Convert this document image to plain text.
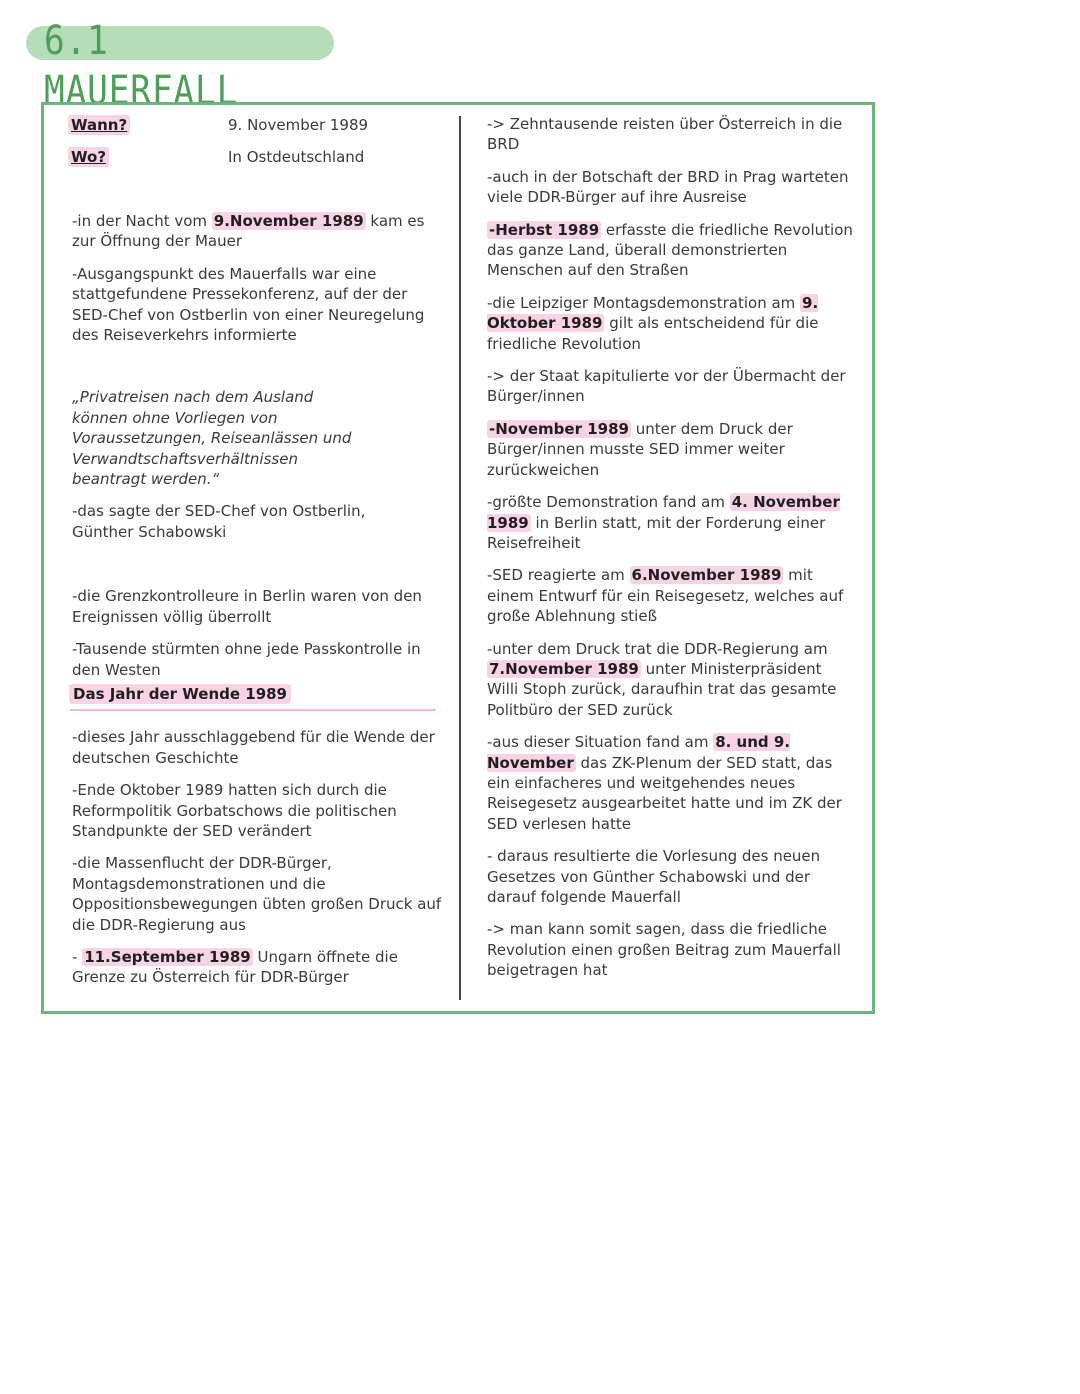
6.1 MAUERFALL
Wann?	9. November 1989
Wo?	In Ostdeutschland

-in der Nacht vom 9.November 1989 kam es zur Öffnung der Mauer

-Ausgangspunkt des Mauerfalls war eine stattgefundene Pressekonferenz, auf der der SED-Chef von Ostberlin von einer Neuregelung des Reiseverkehrs informierte

„Privatreisen nach dem Ausland können ohne Vorliegen von Voraussetzungen, Reiseanlässen und Verwandtschaftsverhältnissen beantragt werden.“

-das sagte der SED-Chef von Ostberlin, Günther Schabowski

-die Grenzkontrolleure in Berlin waren von den Ereignissen völlig überrollt

-Tausende stürmten ohne jede Passkontrolle in den Westen

Das Jahr der Wende 1989

-dieses Jahr ausschlaggebend für die Wende der deutschen Geschichte

-Ende Oktober 1989 hatten sich durch die Reformpolitik Gorbatschows die politischen Standpunkte der SED verändert

-die Massenflucht der DDR-Bürger, Montagsdemonstrationen und die Oppositionsbewegungen übten großen Druck auf die DDR-Regierung aus

- 11.September 1989 Ungarn öffnete die Grenze zu Österreich für DDR-Bürger

-> Zehntausende reisten über Österreich in die BRD

-auch in der Botschaft der BRD in Prag warteten viele DDR-Bürger auf ihre Ausreise

-Herbst 1989 erfasste die friedliche Revolution das ganze Land, überall demonstrierten Menschen auf den Straßen

-die Leipziger Montagsdemonstration am 9. Oktober 1989 gilt als entscheidend für die friedliche Revolution

-> der Staat kapitulierte vor der Übermacht der Bürger/innen

-November 1989 unter dem Druck der Bürger/innen musste SED immer weiter zurückweichen

-größte Demonstration fand am 4. November 1989 in Berlin statt, mit der Forderung einer Reisefreiheit

-SED reagierte am 6.November 1989 mit einem Entwurf für ein Reisegesetz, welches auf große Ablehnung stieß

-unter dem Druck trat die DDR-Regierung am 7.November 1989 unter Ministerpräsident Willi Stoph zurück, daraufhin trat das gesamte Politbüro der SED zurück

-aus dieser Situation fand am 8. und 9. November das ZK-Plenum der SED statt, das ein einfacheres und weitgehendes neues Reisegesetz ausgearbeitet hatte und im ZK der SED verlesen hatte

- daraus resultierte die Vorlesung des neuen Gesetzes von Günther Schabowski und der darauf folgende Mauerfall

-> man kann somit sagen, dass die friedliche Revolution einen großen Beitrag zum Mauerfall beigetragen hat
